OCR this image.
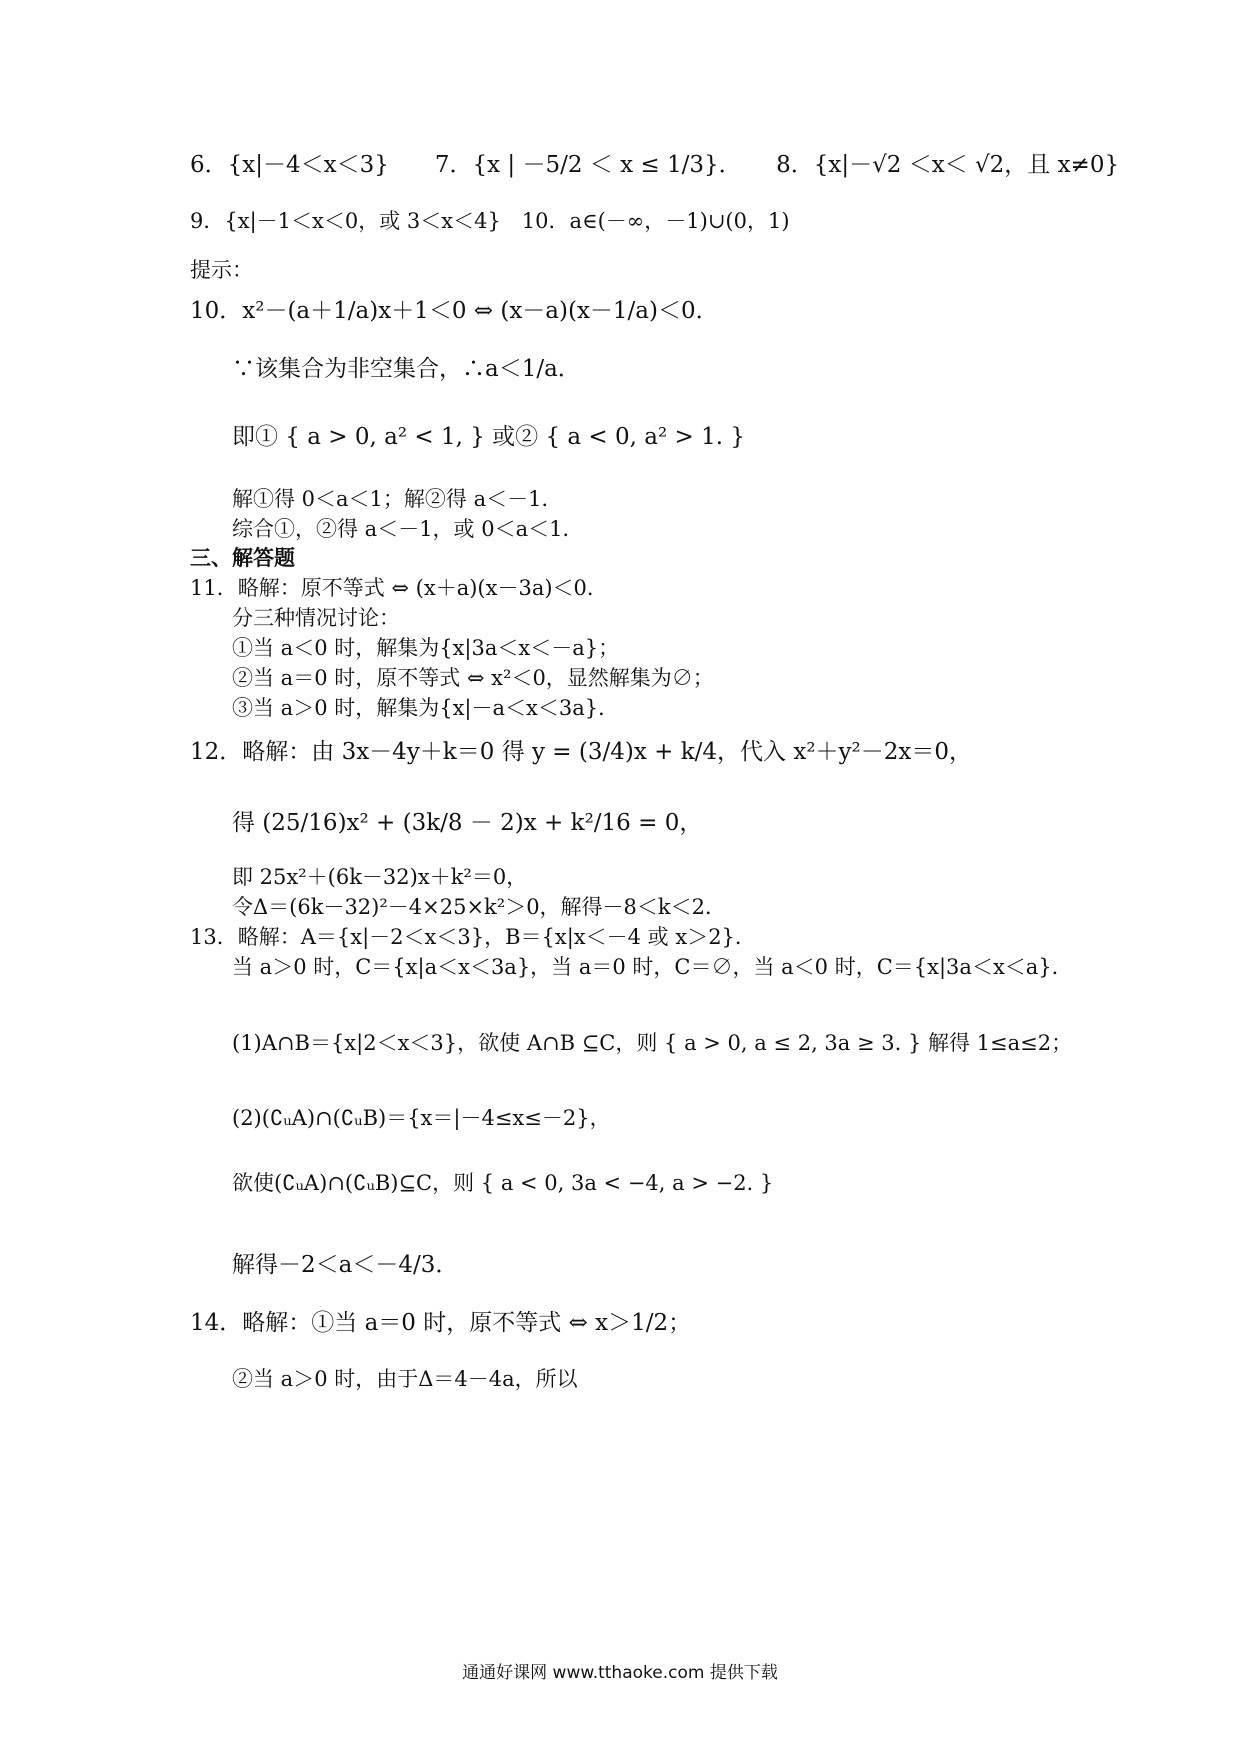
6．{x|－4＜x＜3}　　7．{x | －5/2 ＜ x ≤ 1/3}．　　8．{x|－√2 ＜x＜ √2，且 x≠0}
9．{x|－1＜x＜0，或 3＜x＜4}　10．a∈(－∞，－1)∪(0，1)
提示：
10．x²－(a＋1/a)x＋1＜0 ⇔ (x－a)(x－1/a)＜0．
∵该集合为非空集合，∴a＜1/a．
即① { a > 0, a² < 1, } 或② { a < 0, a² > 1. }
解①得 0＜a＜1；解②得 a＜－1．
综合①，②得 a＜－1，或 0＜a＜1．
三、解答题
11．略解：原不等式 ⇔ (x＋a)(x－3a)＜0．
分三种情况讨论：
①当 a＜0 时，解集为{x|3a＜x＜－a}；
②当 a＝0 时，原不等式 ⇔ x²＜0，显然解集为∅；
③当 a＞0 时，解集为{x|－a＜x＜3a}．
12．略解：由 3x－4y＋k＝0 得 y = (3/4)x + k/4，代入 x²＋y²－2x＝0，
得 (25/16)x² + (3k/8 － 2)x + k²/16 = 0，
即 25x²＋(6k－32)x＋k²＝0，
令Δ＝(6k－32)²－4×25×k²＞0，解得－8＜k＜2．
13．略解：A＝{x|－2＜x＜3}，B＝{x|x＜－4 或 x＞2}．
当 a＞0 时，C＝{x|a＜x＜3a}，当 a＝0 时，C＝∅，当 a＜0 时，C＝{x|3a＜x＜a}．
(1)A∩B＝{x|2＜x＜3}，欲使 A∩B ⊆C，则 { a > 0, a ≤ 2, 3a ≥ 3. } 解得 1≤a≤2；
(2)(∁ᵤA)∩(∁ᵤB)＝{x＝|－4≤x≤－2}，
欲使(∁ᵤA)∩(∁ᵤB)⊆C，则 { a < 0, 3a < −4, a > −2. }
解得－2＜a＜－4/3．
14．略解：①当 a＝0 时，原不等式 ⇔ x＞1/2；
②当 a＞0 时，由于Δ＝4－4a，所以
通通好课网 www.tthaoke.com 提供下载
